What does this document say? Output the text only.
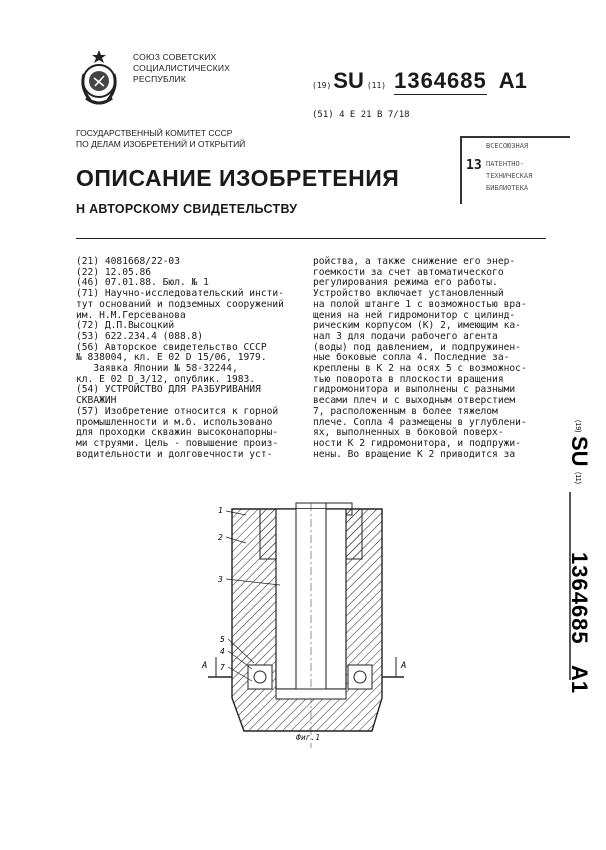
СОЮЗ СОВЕТСКИХ
СОЦИАЛИСТИЧЕСКИХ
РЕСПУБЛИК
(19) SU (11) 1364685 A1
(51) 4 E 21 B 7/18
13
ВСЕСОЮЗНАЯ
ПАТЕНТНО-
ТЕХНИЧЕСКАЯ
БИБЛИОТЕКА
ГОСУДАРСТВЕННЫЙ КОМИТЕТ СССР
ПО ДЕЛАМ ИЗОБРЕТЕНИЙ И ОТКРЫТИЙ
ОПИСАНИЕ ИЗОБРЕТЕНИЯ
Н АВТОРСКОМУ СВИДЕТЕЛЬСТВУ
(21) 4081668/22-03
(22) 12.05.86
(46) 07.01.88. Бюл. № 1
(71) Научно-исследовательский инсти-
тут оснований и подземных сооружений
им. Н.М.Герсеванова
(72) Д.П.Высоцкий
(53) 622.234.4 (088.8)
(56) Авторское свидетельство СССР
№ 838004, кл. Е 02 D 15/06, 1979.
Заявка Японии № 58-32244,
кл. Е 02 D 3/12, опублик. 1983.
(54) УСТРОЙСТВО ДЛЯ РАЗБУРИВАНИЯ
СКВАЖИН
(57) Изобретение относится к горной
промышленности и м.б. использовано
для проходки скважин высоконапорны-
ми струями. Цель - повышение произ-
водительности и долговечности уст-
ройства, а также снижение его энер-
гоемкости за счет автоматического
регулирования режима его работы.
Устройство включает установленный
на полой штанге 1 с возможностью вра-
щения на ней гидромонитор с цилинд-
рическим корпусом (К) 2, имеющим ка-
нал 3 для подачи рабочего агента
(воды) под давлением, и подпружинен-
ные боковые сопла 4. Последние за-
креплены в К 2 на осях 5 с возможнос-
тью поворота в плоскости вращения
гидромонитора и выполнены с разными
весами плеч и с выходным отверстием
7, расположенным в более тяжелом
плече. Сопла 4 размещены в углублени-
ях, выполненных в боковой поверх-
ности К 2 гидромонитора, и подпружи-
нены. Во вращение К 2 приводится за
(19)
SU
(11)
1364685
A1
1
2
3
5
4
7
A	A
Фиг.1
